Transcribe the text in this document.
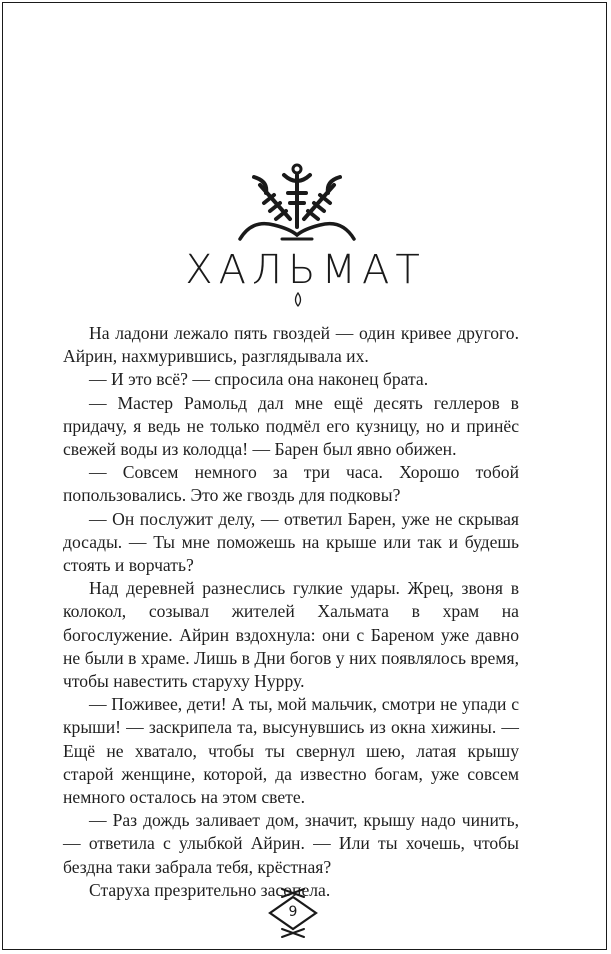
ХАЛЬМАТ

На ладони лежало пять гвоздей — один кривее другого. Айрин, нахмурившись, разглядывала их.

— И это всё? — спросила она наконец брата.

— Мастер Рамольд дал мне ещё десять геллеров в придачу, я ведь не только подмёл его кузницу, но и принёс свежей воды из колодца! — Барен был явно обижен.

— Совсем немного за три часа. Хорошо тобой попользовались. Это же гвоздь для подковы?

— Он послужит делу, — ответил Барен, уже не скрывая досады. — Ты мне поможешь на крыше или так и будешь стоять и ворчать?

Над деревней разнеслись гулкие удары. Жрец, звоня в колокол, созывал жителей Хальмата в храм на богослужение. Айрин вздохнула: они с Бареном уже давно не были в храме. Лишь в Дни богов у них появлялось время, чтобы навестить старуху Нурру.

— Поживее, дети! А ты, мой мальчик, смотри не упади с крыши! — заскрипела та, высунувшись из окна хижины. — Ещё не хватало, чтобы ты свернул шею, латая крышу старой женщине, которой, да известно богам, уже совсем немного осталось на этом свете.

— Раз дождь заливает дом, значит, крышу надо чинить, — ответила с улыбкой Айрин. — Или ты хочешь, чтобы бездна таки забрала тебя, крёстная?

Старуха презрительно засопела.

9
